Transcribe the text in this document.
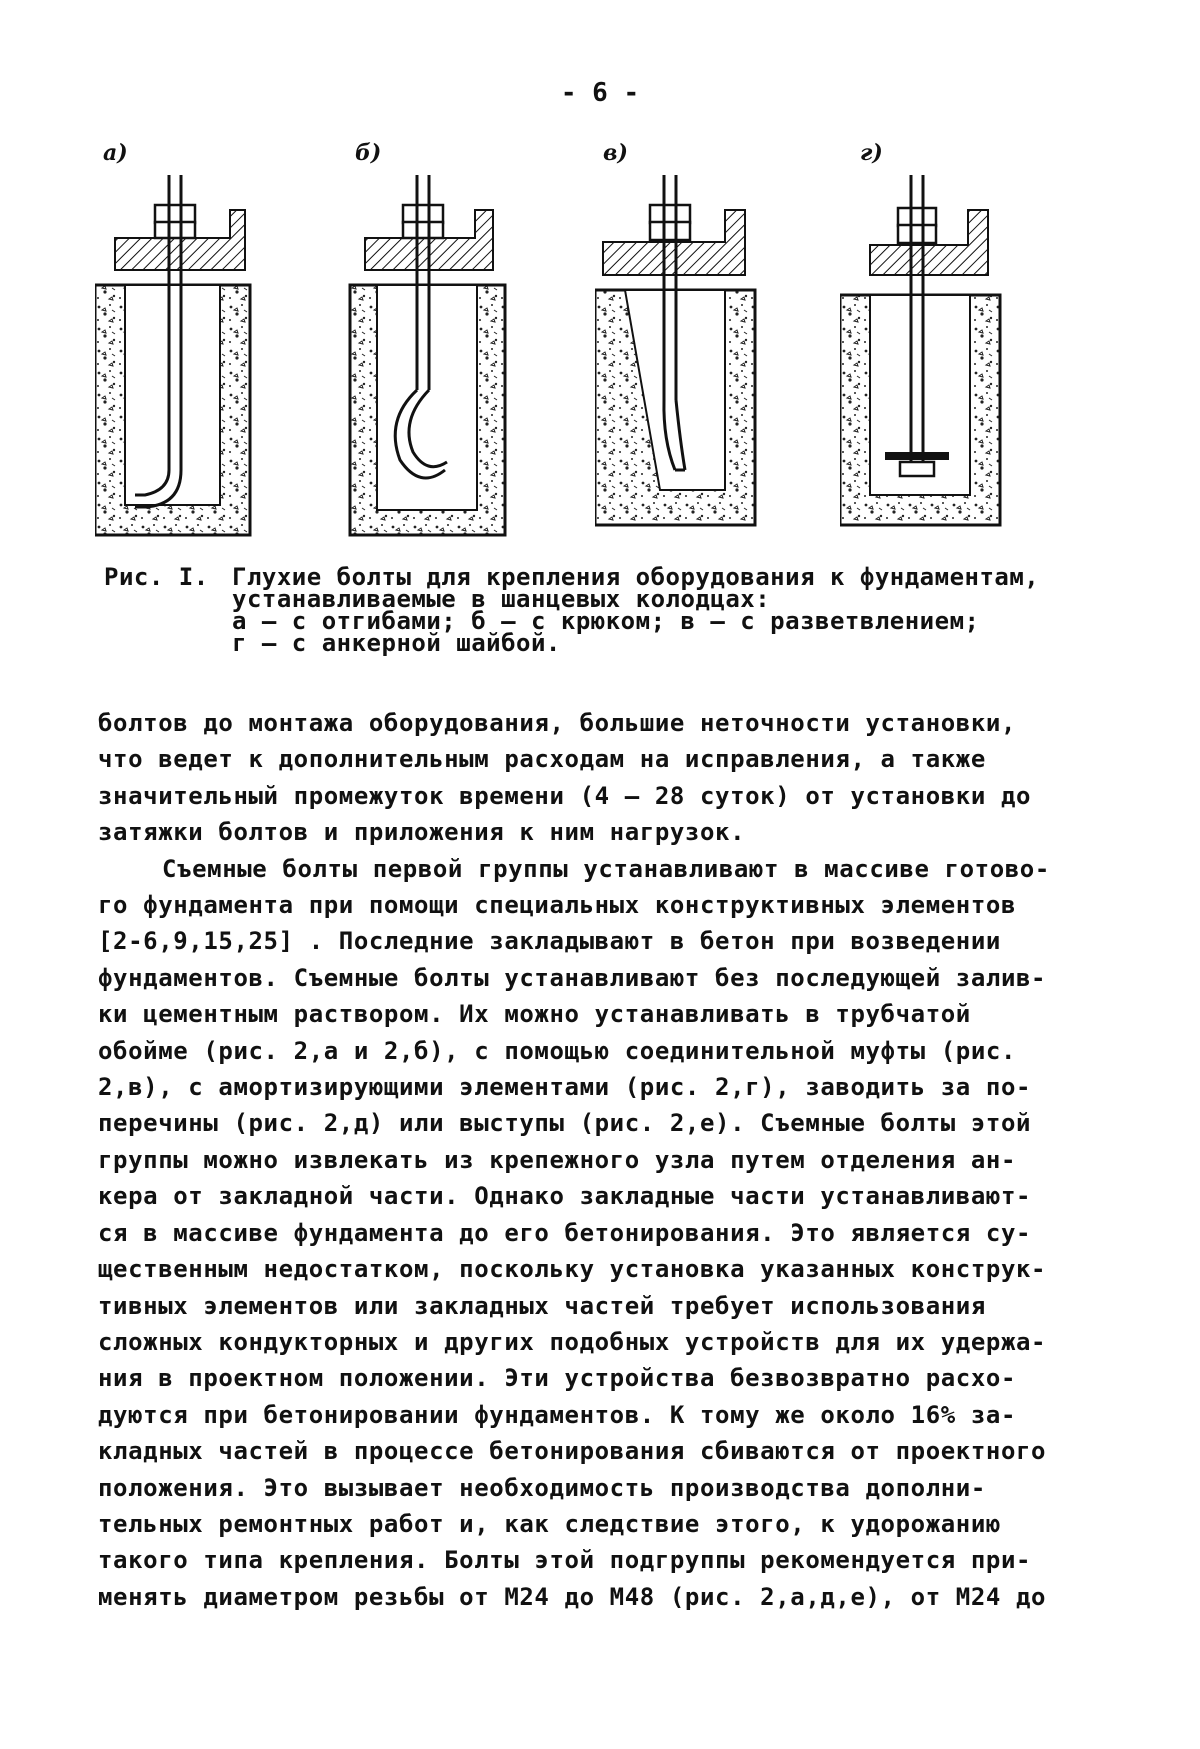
- 6 -
а)	б)	в)	г)
Рис. I. Глухие болты для крепления оборудования к фундаментам,
устанавливаемые в шанцевых колодцах:
а – с отгибами; б – с крюком; в – с разветвлением;
г – с анкерной шайбой.
болтов до монтажа оборудования, большие неточности установки,
что ведет к дополнительным расходам на исправления, а также
значительный промежуток времени (4 – 28 суток) от установки до
затяжки болтов и приложения к ним нагрузок.
Съемные болты первой группы устанавливают в массиве готово-
го фундамента при помощи специальных конструктивных элементов
[2-6,9,15,25] . Последние закладывают в бетон при возведении
фундаментов. Съемные болты устанавливают без последующей залив-
ки цементным раствором. Их можно устанавливать в трубчатой
обойме (рис. 2,а и 2,б), с помощью соединительной муфты (рис.
2,в), с амортизирующими элементами (рис. 2,г), заводить за по-
перечины (рис. 2,д) или выступы (рис. 2,е). Съемные болты этой
группы можно извлекать из крепежного узла путем отделения ан-
кера от закладной части. Однако закладные части устанавливают-
ся в массиве фундамента до его бетонирования. Это является су-
щественным недостатком, поскольку установка указанных конструк-
тивных элементов или закладных частей требует использования
сложных кондукторных и других подобных устройств для их удержа-
ния в проектном положении. Эти устройства безвозвратно расхо-
дуются при бетонировании фундаментов. К тому же около 16% за-
кладных частей в процессе бетонирования сбиваются от проектного
положения. Это вызывает необходимость производства дополни-
тельных ремонтных работ и, как следствие этого, к удорожанию
такого типа крепления. Болты этой подгруппы рекомендуется при-
менять диаметром резьбы от М24 до М48 (рис. 2,а,д,е), от М24 до
